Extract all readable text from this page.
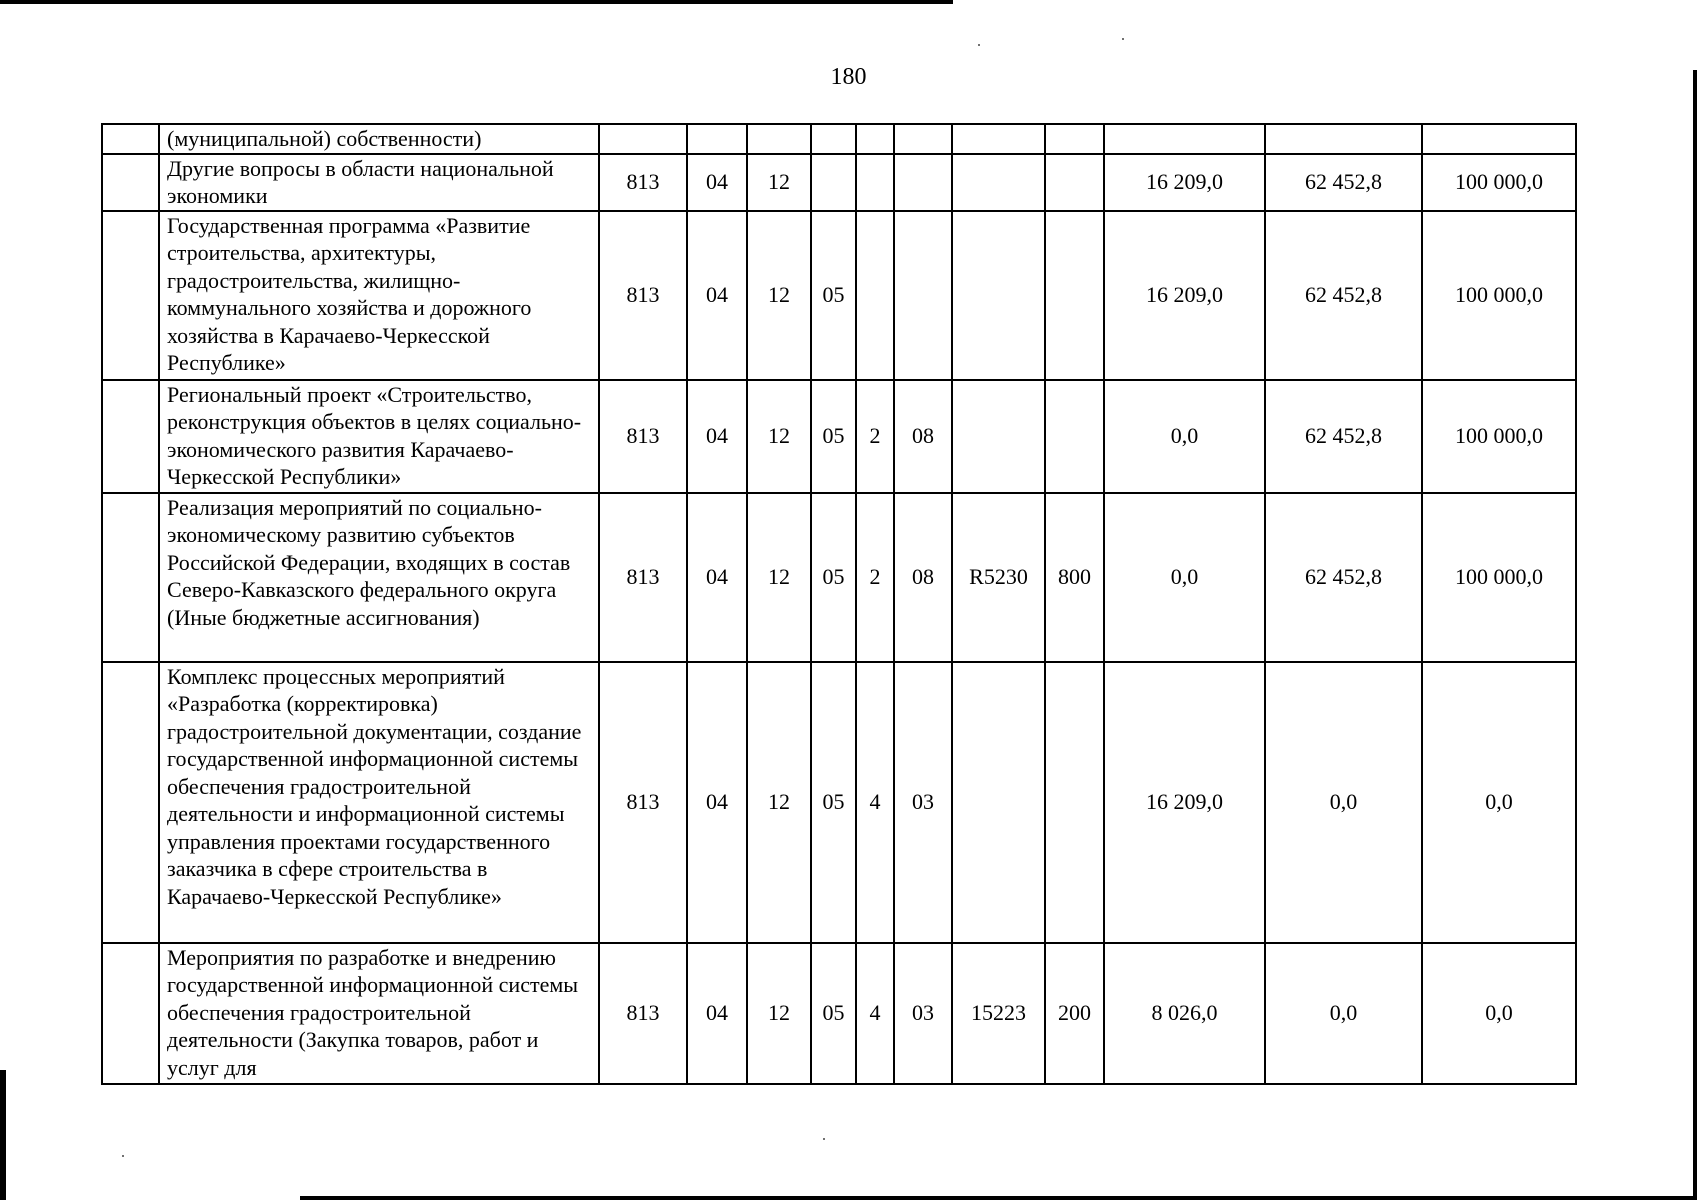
180
	(муниципальной) собственности)											
	Другие вопросы в области национальной экономики	813	04	12						16 209,0	62 452,8	100 000,0
	Государственная программа «Развитие строительства, архитектуры, градостроительства, жилищно-коммунального хозяйства и дорожного хозяйства в Карачаево-Черкесской Республике»	813	04	12	05					16 209,0	62 452,8	100 000,0
	Региональный проект «Строительство, реконструкция объектов в целях социально-экономического развития Карачаево-Черкесской Республики»	813	04	12	05	2	08			0,0	62 452,8	100 000,0
	Реализация мероприятий по социально-экономическому развитию субъектов Российской Федерации, входящих в состав Северо-Кавказского федерального округа (Иные бюджетные ассигнования)	813	04	12	05	2	08	R5230	800	0,0	62 452,8	100 000,0
	Комплекс процессных мероприятий «Разработка (корректировка) градостроительной документации, создание государственной информационной системы обеспечения градостроительной деятельности и информационной системы управления проектами государственного заказчика в сфере строительства в Карачаево-Черкесской Республике»	813	04	12	05	4	03			16 209,0	0,0	0,0
	Мероприятия по разработке и внедрению государственной информационной системы обеспечения градостроительной деятельности (Закупка товаров, работ и услуг для	813	04	12	05	4	03	15223	200	8 026,0	0,0	0,0
